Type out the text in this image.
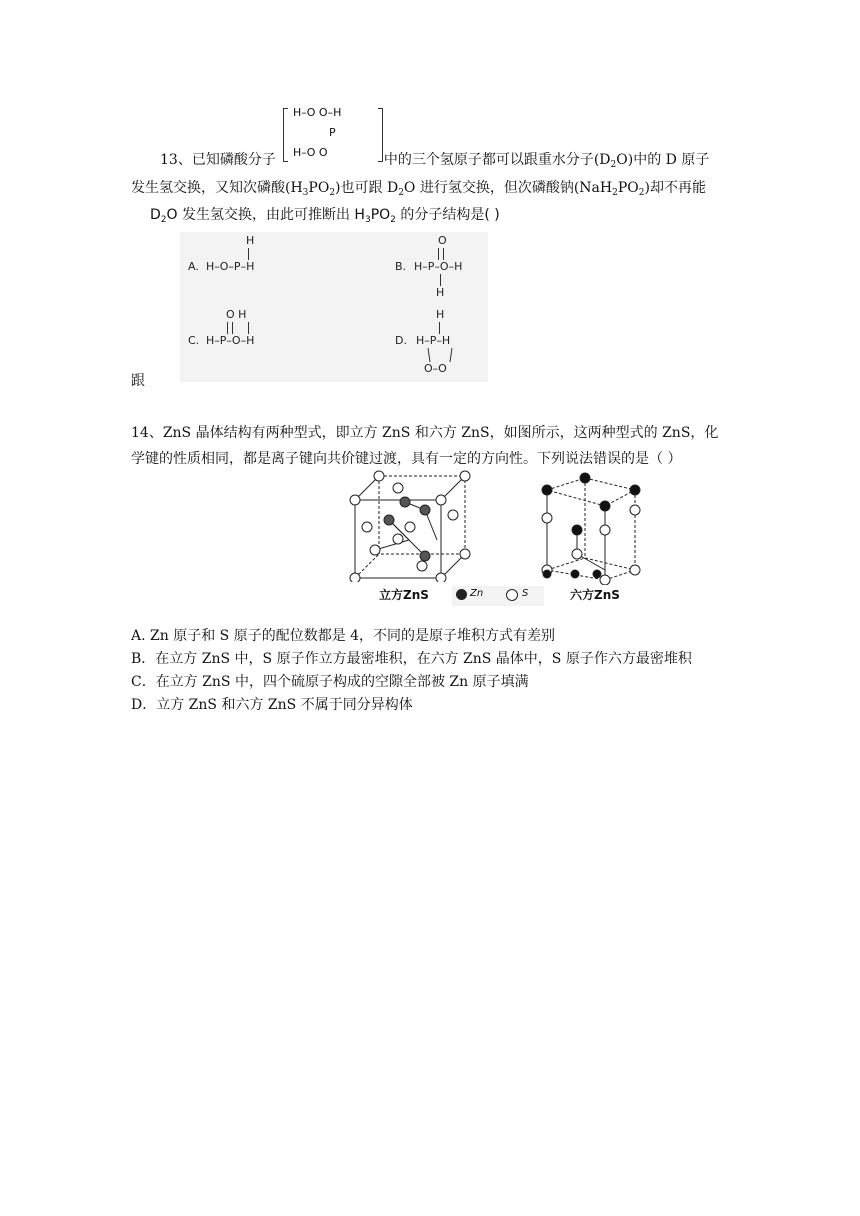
H–O O–H
P
H–O O
13、已知磷酸分子	中的三个氢原子都可以跟重水分子$(D_2O)$中的 D 原子
发生氢交换，又知次磷酸$(H_3PO_2)$也可跟 $D_2O$ 进行氢交换，但次磷酸钠$(NaH_2PO_2)$却不再能
$D_2O$ 发生氢交换，由此可推断出 $H_3PO_2$ 的分子结构是( )
H
A. H–O–P–H
O
B. H–P–O–H
H
O H
C. H–P–O–H
H
D. H–P–H
O–O
跟
14、ZnS 晶体结构有两种型式，即立方 ZnS 和六方 ZnS，如图所示，这两种型式的 ZnS，化
学键的性质相同，都是离子键向共价键过渡，具有一定的方向性。下列说法错误的是（ ）
立方ZnS	Zn	S	六方ZnS
A. Zn 原子和 S 原子的配位数都是 4，不同的是原子堆积方式有差别
B．在立方 ZnS 中，S 原子作立方最密堆积，在六方 ZnS 晶体中，S 原子作六方最密堆积
C．在立方 ZnS 中，四个硫原子构成的空隙全部被 Zn 原子填满
D．立方 ZnS 和六方 ZnS 不属于同分异构体
